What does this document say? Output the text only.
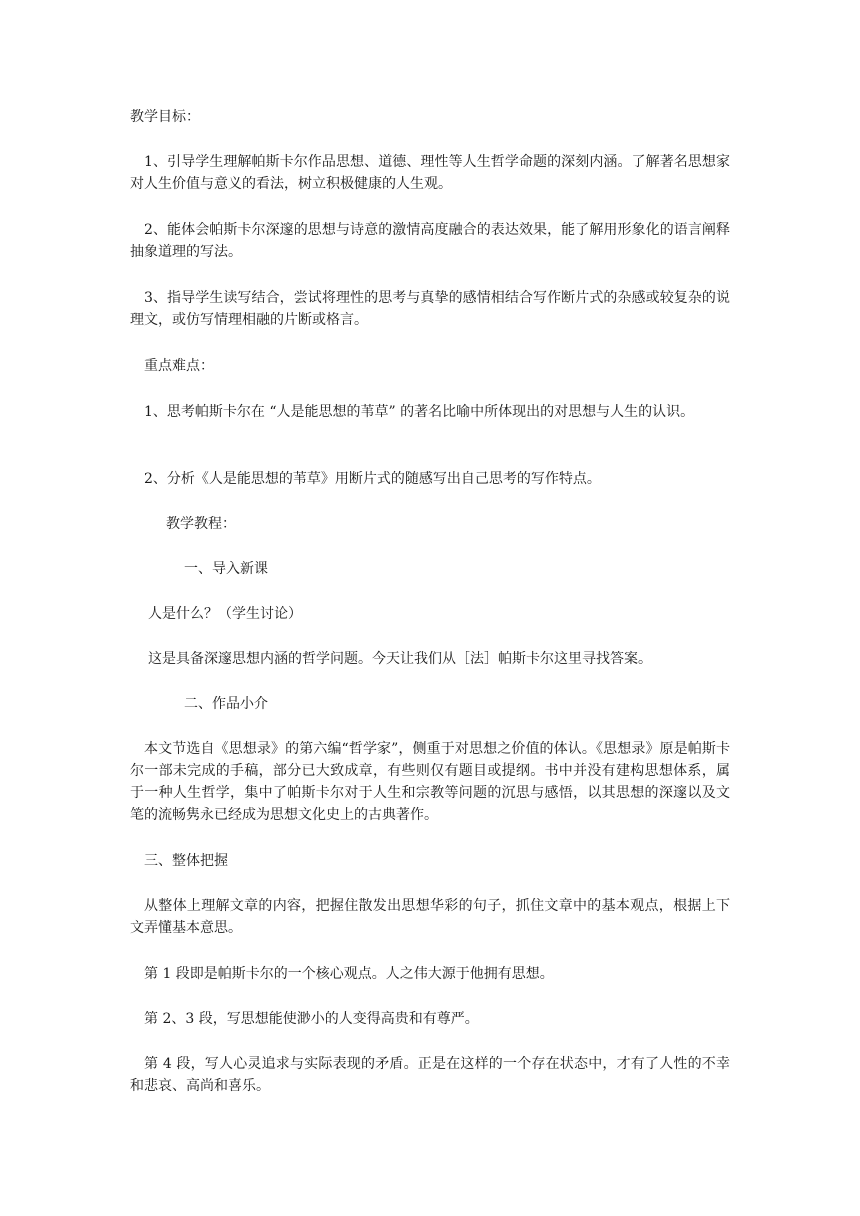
教学目标：

1、引导学生理解帕斯卡尔作品思想、道德、理性等人生哲学命题的深刻内涵。了解著名思想家对人生价值与意义的看法，树立积极健康的人生观。

2、能体会帕斯卡尔深邃的思想与诗意的激情高度融合的表达效果，能了解用形象化的语言阐释抽象道理的写法。

3、指导学生读写结合，尝试将理性的思考与真挚的感情相结合写作断片式的杂感或较复杂的说理文，或仿写情理相融的片断或格言。

重点难点：

1、思考帕斯卡尔在 “人是能思想的苇草” 的著名比喻中所体现出的对思想与人生的认识。

2、分析《人是能思想的苇草》用断片式的随感写出自己思考的写作特点。

教学教程：

一、导入新课

人是什么？（学生讨论）

这是具备深邃思想内涵的哲学问题。今天让我们从［法］帕斯卡尔这里寻找答案。

二、作品小介

本文节选自《思想录》的第六编“哲学家”，侧重于对思想之价值的体认。《思想录》原是帕斯卡尔一部未完成的手稿，部分已大致成章，有些则仅有题目或提纲。书中并没有建构思想体系，属于一种人生哲学，集中了帕斯卡尔对于人生和宗教等问题的沉思与感悟，以其思想的深邃以及文笔的流畅隽永已经成为思想文化史上的古典著作。

三、整体把握

从整体上理解文章的内容，把握住散发出思想华彩的句子，抓住文章中的基本观点，根据上下文弄懂基本意思。

第 1 段即是帕斯卡尔的一个核心观点。人之伟大源于他拥有思想。

第 2、3 段，写思想能使渺小的人变得高贵和有尊严。

第 4 段，写人心灵追求与实际表现的矛盾。正是在这样的一个存在状态中，才有了人性的不幸和悲哀、高尚和喜乐。
